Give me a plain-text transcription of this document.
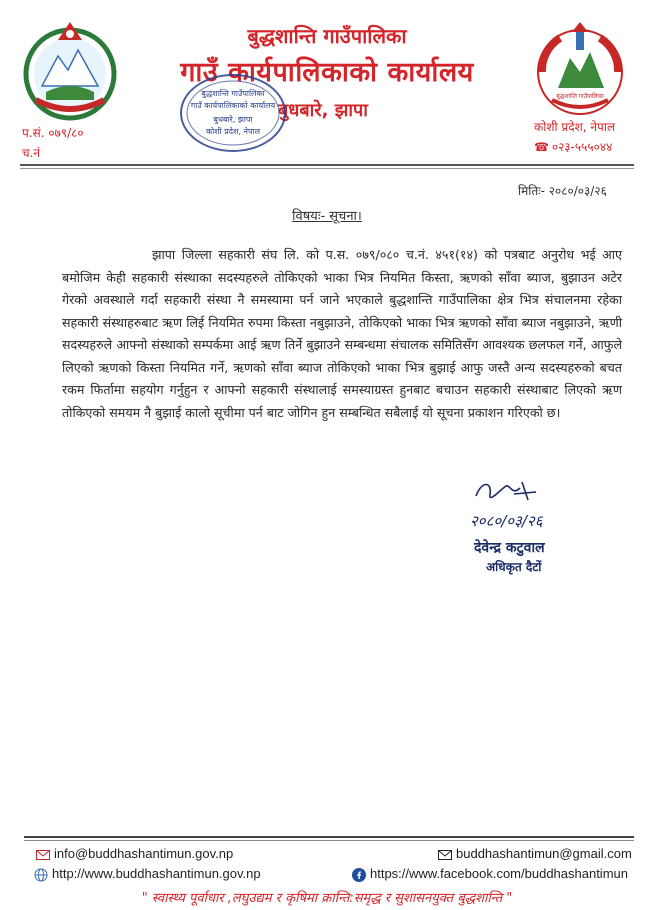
बुद्धशान्ति गाउँपालिका
बुद्धशान्ति गाउँपालिका
गाउँ कार्यपालिकाको कार्यालय
बुधबारे, झापा
प.सं. ०७९/८०
च.नं
कोशी प्रदेश, नेपाल
☎ ०२३-५५५०४४
बुद्धशान्ति गाउँपालिका
गाउँ कार्यपालिकाको कार्यालय
बुधबारे, झापा
कोशी प्रदेश, नेपाल
मितिः- २०८०/०३/२६
विषयः- सूचना।
झापा जिल्ला सहकारी संघ लि. को प.स. ०७९/०८० च.नं. ४५१(१४) को पत्रबाट अनुरोध भई आए बमोजिम केही सहकारी संस्थाका सदस्यहरुले तोकिएको भाका भित्र नियमित किस्ता, ऋणको साँवा ब्याज, बुझाउन अटेर गेरको अवस्थाले गर्दा सहकारी संस्था नै समस्यामा पर्न जाने भएकाले बुद्धशान्ति गाउँपालिका क्षेत्र भित्र संचालनमा रहेका सहकारी संस्थाहरुबाट ऋण लिई नियमित रुपमा किस्ता नबुझाउने, तोकिएको भाका भित्र ऋणको साँवा ब्याज नबुझाउने, ऋणी सदस्यहरुले आफ्नो संस्थाको सम्पर्कमा आई ऋण तिर्ने बुझाउने सम्बन्धमा संचालक समितिसँग आवश्यक छलफल गर्ने, आफुले लिएको ऋणको किस्ता नियमित गर्ने, ऋणको साँवा ब्याज तोकिएको भाका भित्र बुझाई आफु जस्तै अन्य सदस्यहरुको बचत रकम फिर्तामा सहयोग गर्नुहुन र आफ्नो सहकारी संस्थालाई समस्याग्रस्त हुनबाट बचाउन सहकारी संस्थाबाट लिएको ऋण तोकिएको समयम नै बुझाई कालो सूचीमा पर्न बाट जोगिन हुन सम्बन्धित सबैलाई यो सूचना प्रकाशन गरिएको छ।
२०८०/०३/२६
देवेन्द्र कटुवाल
अधिकृत दैटों
info@buddhashantimun.gov.np	buddhashantimun@gmail.com
http://www.buddhashantimun.gov.np	https://www.facebook.com/buddhashantimun
" स्वास्थ्य पूर्वाधार ,लघुउद्यम र कृषिमा क्रान्ति:समृद्ध र सुशासनयुक्त बुद्धशान्ति "
